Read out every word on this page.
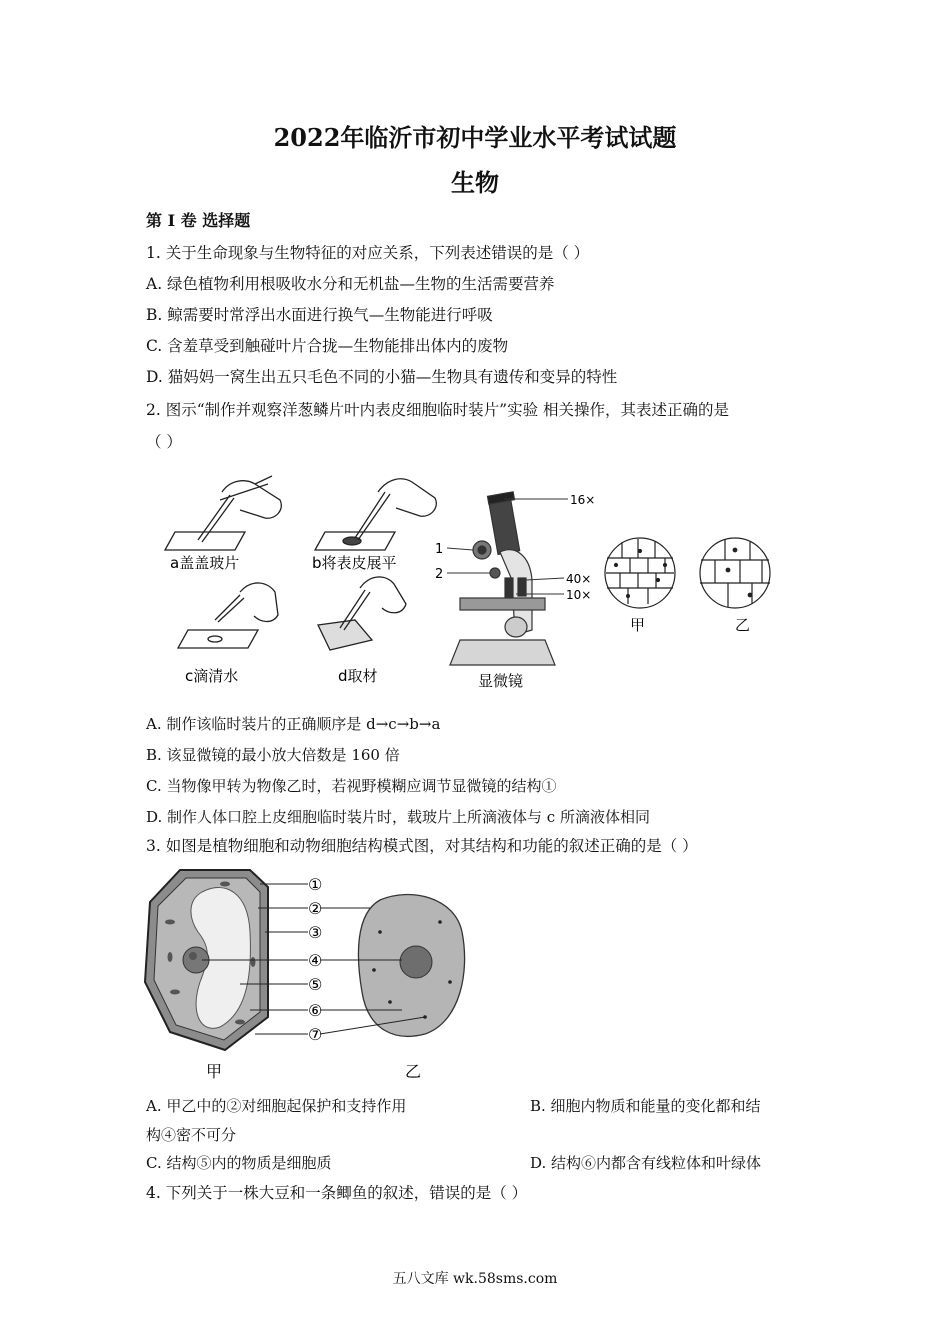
2022年临沂市初中学业水平考试试题
生物
第 I 卷 选择题
1. 关于生命现象与生物特征的对应关系，下列表述错误的是（ ）
A. 绿色植物利用根吸收水分和无机盐—生物的生活需要营养
B. 鲸需要时常浮出水面进行换气—生物能进行呼吸
C. 含羞草受到触碰叶片合拢—生物能排出体内的废物
D. 猫妈妈一窝生出五只毛色不同的小猫—生物具有遗传和变异的特性
2. 图示“制作并观察洋葱鳞片叶内表皮细胞临时装片”实验 相关操作，其表述正确的是
（ ）
a盖盖玻片	b将表皮展平
c滴清水	d取材
16×
1
2	40×
10×
显微镜
甲	乙
A. 制作该临时装片的正确顺序是 d→c→b→a
B. 该显微镜的最小放大倍数是 160 倍
C. 当物像甲转为物像乙时，若视野模糊应调节显微镜的结构①
D. 制作人体口腔上皮细胞临时装片时，载玻片上所滴液体与 c 所滴液体相同
3. 如图是植物细胞和动物细胞结构模式图，对其结构和功能的叙述正确的是（ ）
①
②
③
④
⑤
⑥
⑦
甲	乙
A. 甲乙中的②对细胞起保护和支持作用	B. 细胞内物质和能量的变化都和结
构④密不可分
C. 结构⑤内的物质是细胞质	D. 结构⑥内都含有线粒体和叶绿体
4. 下列关于一株大豆和一条鲫鱼的叙述，错误的是（ ）
五八文库 wk.58sms.com
